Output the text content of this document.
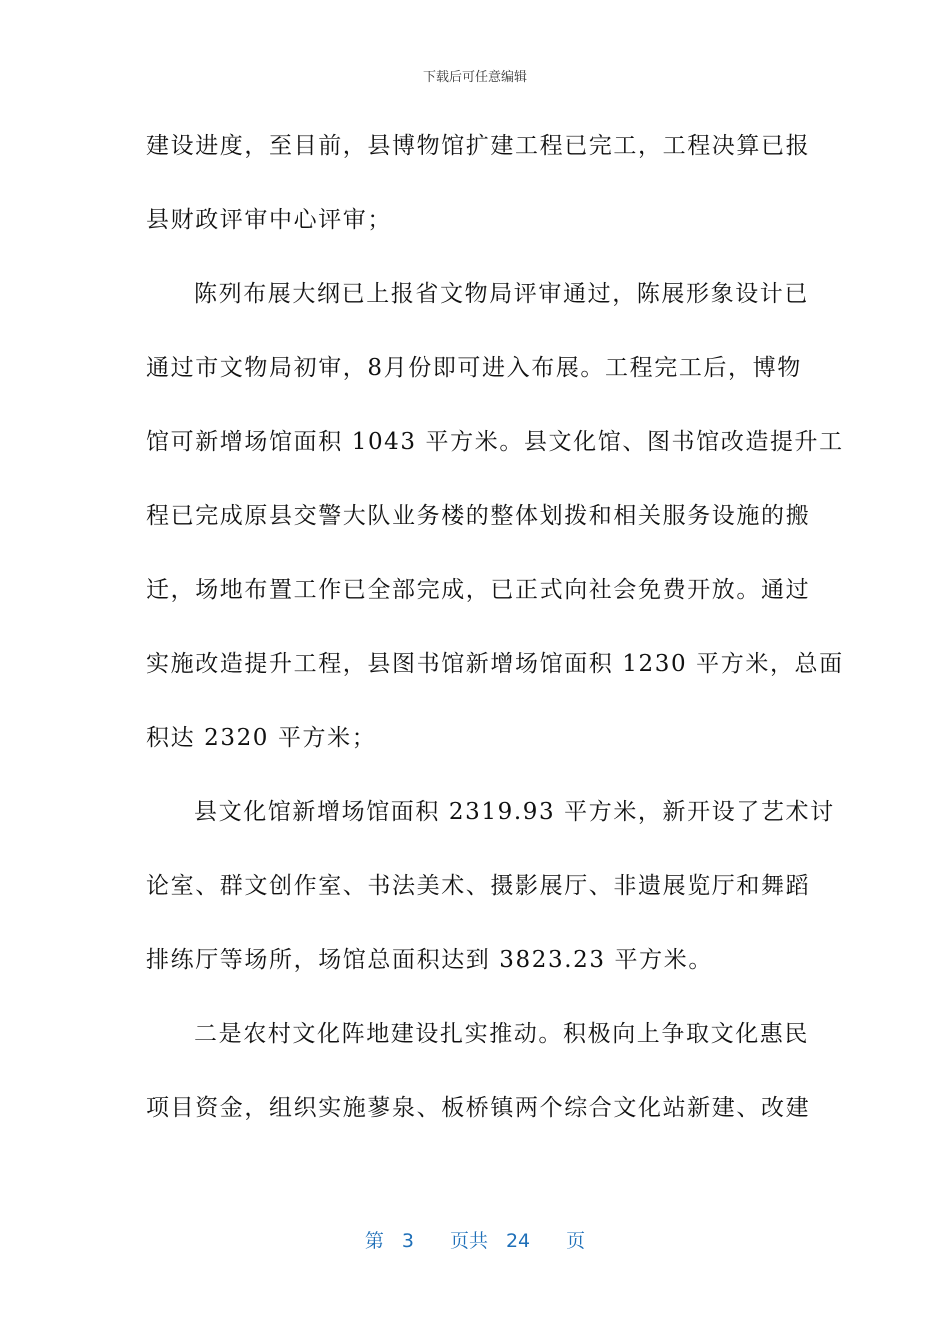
下载后可任意编辑
建设进度，至目前，县博物馆扩建工程已完工，工程决算已报
县财政评审中心评审；
陈列布展大纲已上报省文物局评审通过，陈展形象设计已
通过市文物局初审，8月份即可进入布展。工程完工后，博物
馆可新增场馆面积 1043 平方米。县文化馆、图书馆改造提升工
程已完成原县交警大队业务楼的整体划拨和相关服务设施的搬
迁，场地布置工作已全部完成，已正式向社会免费开放。通过
实施改造提升工程，县图书馆新增场馆面积 1230 平方米，总面
积达 2320 平方米；
县文化馆新增场馆面积 2319.93 平方米，新开设了艺术讨
论室、群文创作室、书法美术、摄影展厅、非遗展览厅和舞蹈
排练厅等场所，场馆总面积达到 3823.23 平方米。
二是农村文化阵地建设扎实推动。积极向上争取文化惠民
项目资金，组织实施蓼泉、板桥镇两个综合文化站新建、改建
第 3 页共 24 页
